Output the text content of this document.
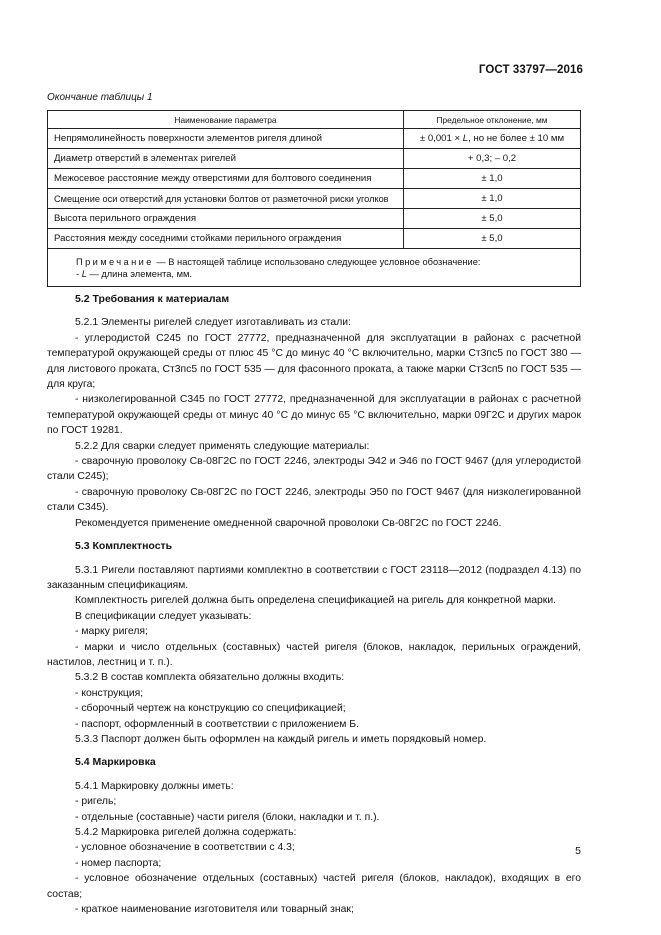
ГОСТ 33797—2016
Окончание таблицы 1
Наименование параметра	Предельное отклонение, мм
Непрямолинейность поверхности элементов ригеля длиной	± 0,001 × L, но не более ± 10 мм
Диаметр отверстий в элементах ригелей	+ 0,3; – 0,2
Межосевое расстояние между отверстиями для болтового соединения	± 1,0
Смещение оси отверстий для установки болтов от разметочной риски уголков	± 1,0
Высота перильного ограждения	± 5,0
Расстояния между соседними стойками перильного ограждения	± 5,0
Примечание — В настоящей таблице использовано следующее условное обозначение:
- L — длина элемента, мм.	
5.2 Требования к материалам

5.2.1 Элементы ригелей следует изготавливать из стали:

- углеродистой С245 по ГОСТ 27772, предназначенной для эксплуатации в районах с расчетной температурой окружающей среды от плюс 45 °С до минус 40 °С включительно, марки Ст3пс5 по ГОСТ 380 — для листового проката, Ст3пс5 по ГОСТ 535 — для фасонного проката, а также марки Ст3сп5 по ГОСТ 535 — для круга;

- низколегированной С345 по ГОСТ 27772, предназначенной для эксплуатации в районах с расчетной температурой окружающей среды от минус 40 °С до минус 65 °С включительно, марки 09Г2С и других марок по ГОСТ 19281.

5.2.2 Для сварки следует применять следующие материалы:

- сварочную проволоку Св-08Г2С по ГОСТ 2246, электроды Э42 и Э46 по ГОСТ 9467 (для углеродистой стали С245);

- сварочную проволоку Св-08Г2С по ГОСТ 2246, электроды Э50 по ГОСТ 9467 (для низколегированной стали С345).

Рекомендуется применение омедненной сварочной проволоки Св-08Г2С по ГОСТ 2246.

5.3 Комплектность

5.3.1 Ригели поставляют партиями комплектно в соответствии с ГОСТ 23118—2012 (подраздел 4.13) по заказанным спецификациям.

Комплектность ригелей должна быть определена спецификацией на ригель для конкретной марки.

В спецификации следует указывать:

- марку ригеля;

- марки и число отдельных (составных) частей ригеля (блоков, накладок, перильных ограждений, настилов, лестниц и т. п.).

5.3.2 В состав комплекта обязательно должны входить:

- конструкция;

- сборочный чертеж на конструкцию со спецификацией;

- паспорт, оформленный в соответствии с приложением Б.

5.3.3 Паспорт должен быть оформлен на каждый ригель и иметь порядковый номер.

5.4 Маркировка

5.4.1 Маркировку должны иметь:

- ригель;

- отдельные (составные) части ригеля (блоки, накладки и т. п.).

5.4.2 Маркировка ригелей должна содержать:

- условное обозначение в соответствии с 4.3;

- номер паспорта;

- условное обозначение отдельных (составных) частей ригеля (блоков, накладок), входящих в его состав;

- краткое наименование изготовителя или товарный знак;

5
